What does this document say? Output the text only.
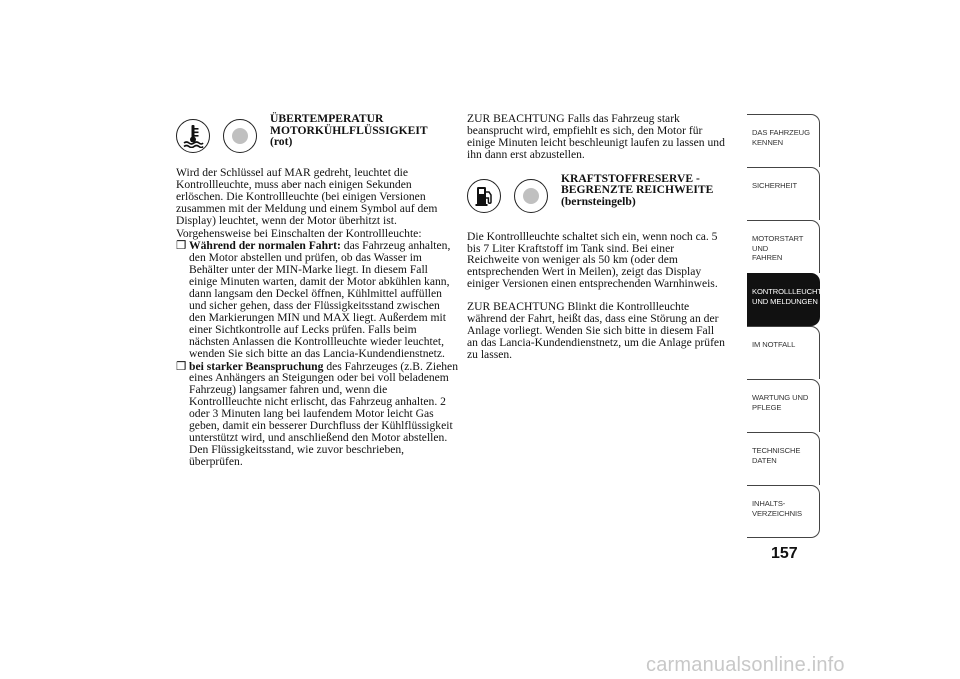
ÜBERTEMPERATUR
MOTORKÜHLFLÜSSIGKEIT
(rot)

Wird der Schlüssel auf MAR gedreht, leuchtet die Kontrollleuchte, muss aber nach einigen Sekunden erlöschen. Die Kontrollleuchte (bei einigen Versionen zusammen mit der Meldung und einem Symbol auf dem Display) leuchtet, wenn der Motor überhitzt ist.

Vorgehensweise bei Einschalten der Kontrollleuchte:

❒ Während der normalen Fahrt: das Fahrzeug anhalten, den Motor abstellen und prüfen, ob das Wasser im Behälter unter der MIN-Marke liegt. In diesem Fall einige Minuten warten, damit der Motor abkühlen kann, dann langsam den Deckel öffnen, Kühlmittel auffüllen und sicher gehen, dass der Flüssigkeitsstand zwischen den Markierungen MIN und MAX liegt. Außerdem mit einer Sichtkontrolle auf Lecks prüfen. Falls beim nächsten Anlassen die Kontrollleuchte wieder leuchtet, wenden Sie sich bitte an das Lancia-Kundendienstnetz.
❒ bei starker Beanspruchung des Fahrzeuges (z.B. Ziehen eines Anhängers an Steigungen oder bei voll beladenem Fahrzeug) langsamer fahren und, wenn die Kontrollleuchte nicht erlischt, das Fahrzeug anhalten. 2 oder 3 Minuten lang bei laufendem Motor leicht Gas geben, damit ein besserer Durchfluss der Kühlflüssigkeit unterstützt wird, und anschließend den Motor abstellen. Den Flüssigkeitsstand, wie zuvor beschrieben, überprüfen.

ZUR BEACHTUNG Falls das Fahrzeug stark beansprucht wird, empfiehlt es sich, den Motor für einige Minuten leicht beschleunigt laufen zu lassen und ihn dann erst abzustellen.

KRAFTSTOFFRESERVE -
BEGRENZTE REICHWEITE
(bernsteingelb)

Die Kontrollleuchte schaltet sich ein, wenn noch ca. 5 bis 7 Liter Kraftstoff im Tank sind. Bei einer Reichweite von weniger als 50 km (oder dem entsprechenden Wert in Meilen), zeigt das Display einiger Versionen einen entsprechenden Warnhinweis.

ZUR BEACHTUNG Blinkt die Kontrollleuchte während der Fahrt, heißt das, dass eine Störung an der Anlage vorliegt. Wenden Sie sich bitte in diesem Fall an das Lancia-Kundendienstnetz, um die Anlage prüfen zu lassen.

DAS FAHRZEUG
KENNEN
SICHERHEIT
MOTORSTART UND
FAHREN
KONTROLLLEUCHTEN
UND MELDUNGEN
IM NOTFALL
WARTUNG UND
PFLEGE
TECHNISCHE
DATEN
INHALTS-
VERZEICHNIS
157
carmanualsonline.info
